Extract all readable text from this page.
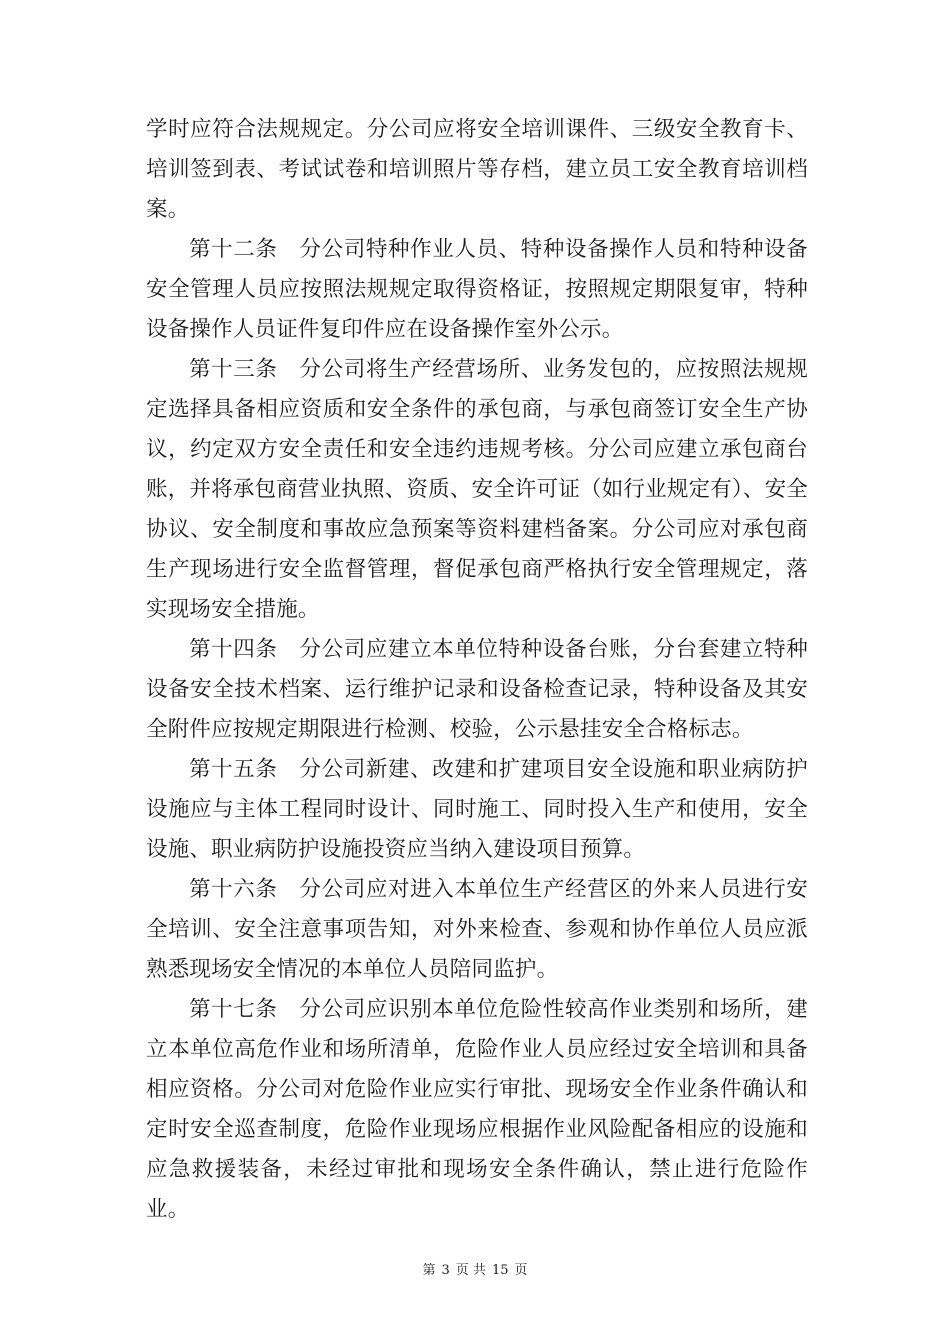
学时应符合法规规定。分公司应将安全培训课件、三级安全教育卡、培训签到表、考试试卷和培训照片等存档，建立员工安全教育培训档案。

第十二条 分公司特种作业人员、特种设备操作人员和特种设备安全管理人员应按照法规规定取得资格证，按照规定期限复审，特种设备操作人员证件复印件应在设备操作室外公示。

第十三条 分公司将生产经营场所、业务发包的，应按照法规规定选择具备相应资质和安全条件的承包商，与承包商签订安全生产协议，约定双方安全责任和安全违约违规考核。分公司应建立承包商台账，并将承包商营业执照、资质、安全许可证（如行业规定有）、安全协议、安全制度和事故应急预案等资料建档备案。分公司应对承包商生产现场进行安全监督管理，督促承包商严格执行安全管理规定，落实现场安全措施。

第十四条 分公司应建立本单位特种设备台账，分台套建立特种设备安全技术档案、运行维护记录和设备检查记录，特种设备及其安全附件应按规定期限进行检测、校验，公示悬挂安全合格标志。

第十五条 分公司新建、改建和扩建项目安全设施和职业病防护设施应与主体工程同时设计、同时施工、同时投入生产和使用，安全设施、职业病防护设施投资应当纳入建设项目预算。

第十六条 分公司应对进入本单位生产经营区的外来人员进行安全培训、安全注意事项告知，对外来检查、参观和协作单位人员应派熟悉现场安全情况的本单位人员陪同监护。

第十七条 分公司应识别本单位危险性较高作业类别和场所，建立本单位高危作业和场所清单，危险作业人员应经过安全培训和具备相应资格。分公司对危险作业应实行审批、现场安全作业条件确认和定时安全巡查制度，危险作业现场应根据作业风险配备相应的设施和应急救援装备，未经过审批和现场安全条件确认，禁止进行危险作业。

第 3 页 共 15 页
